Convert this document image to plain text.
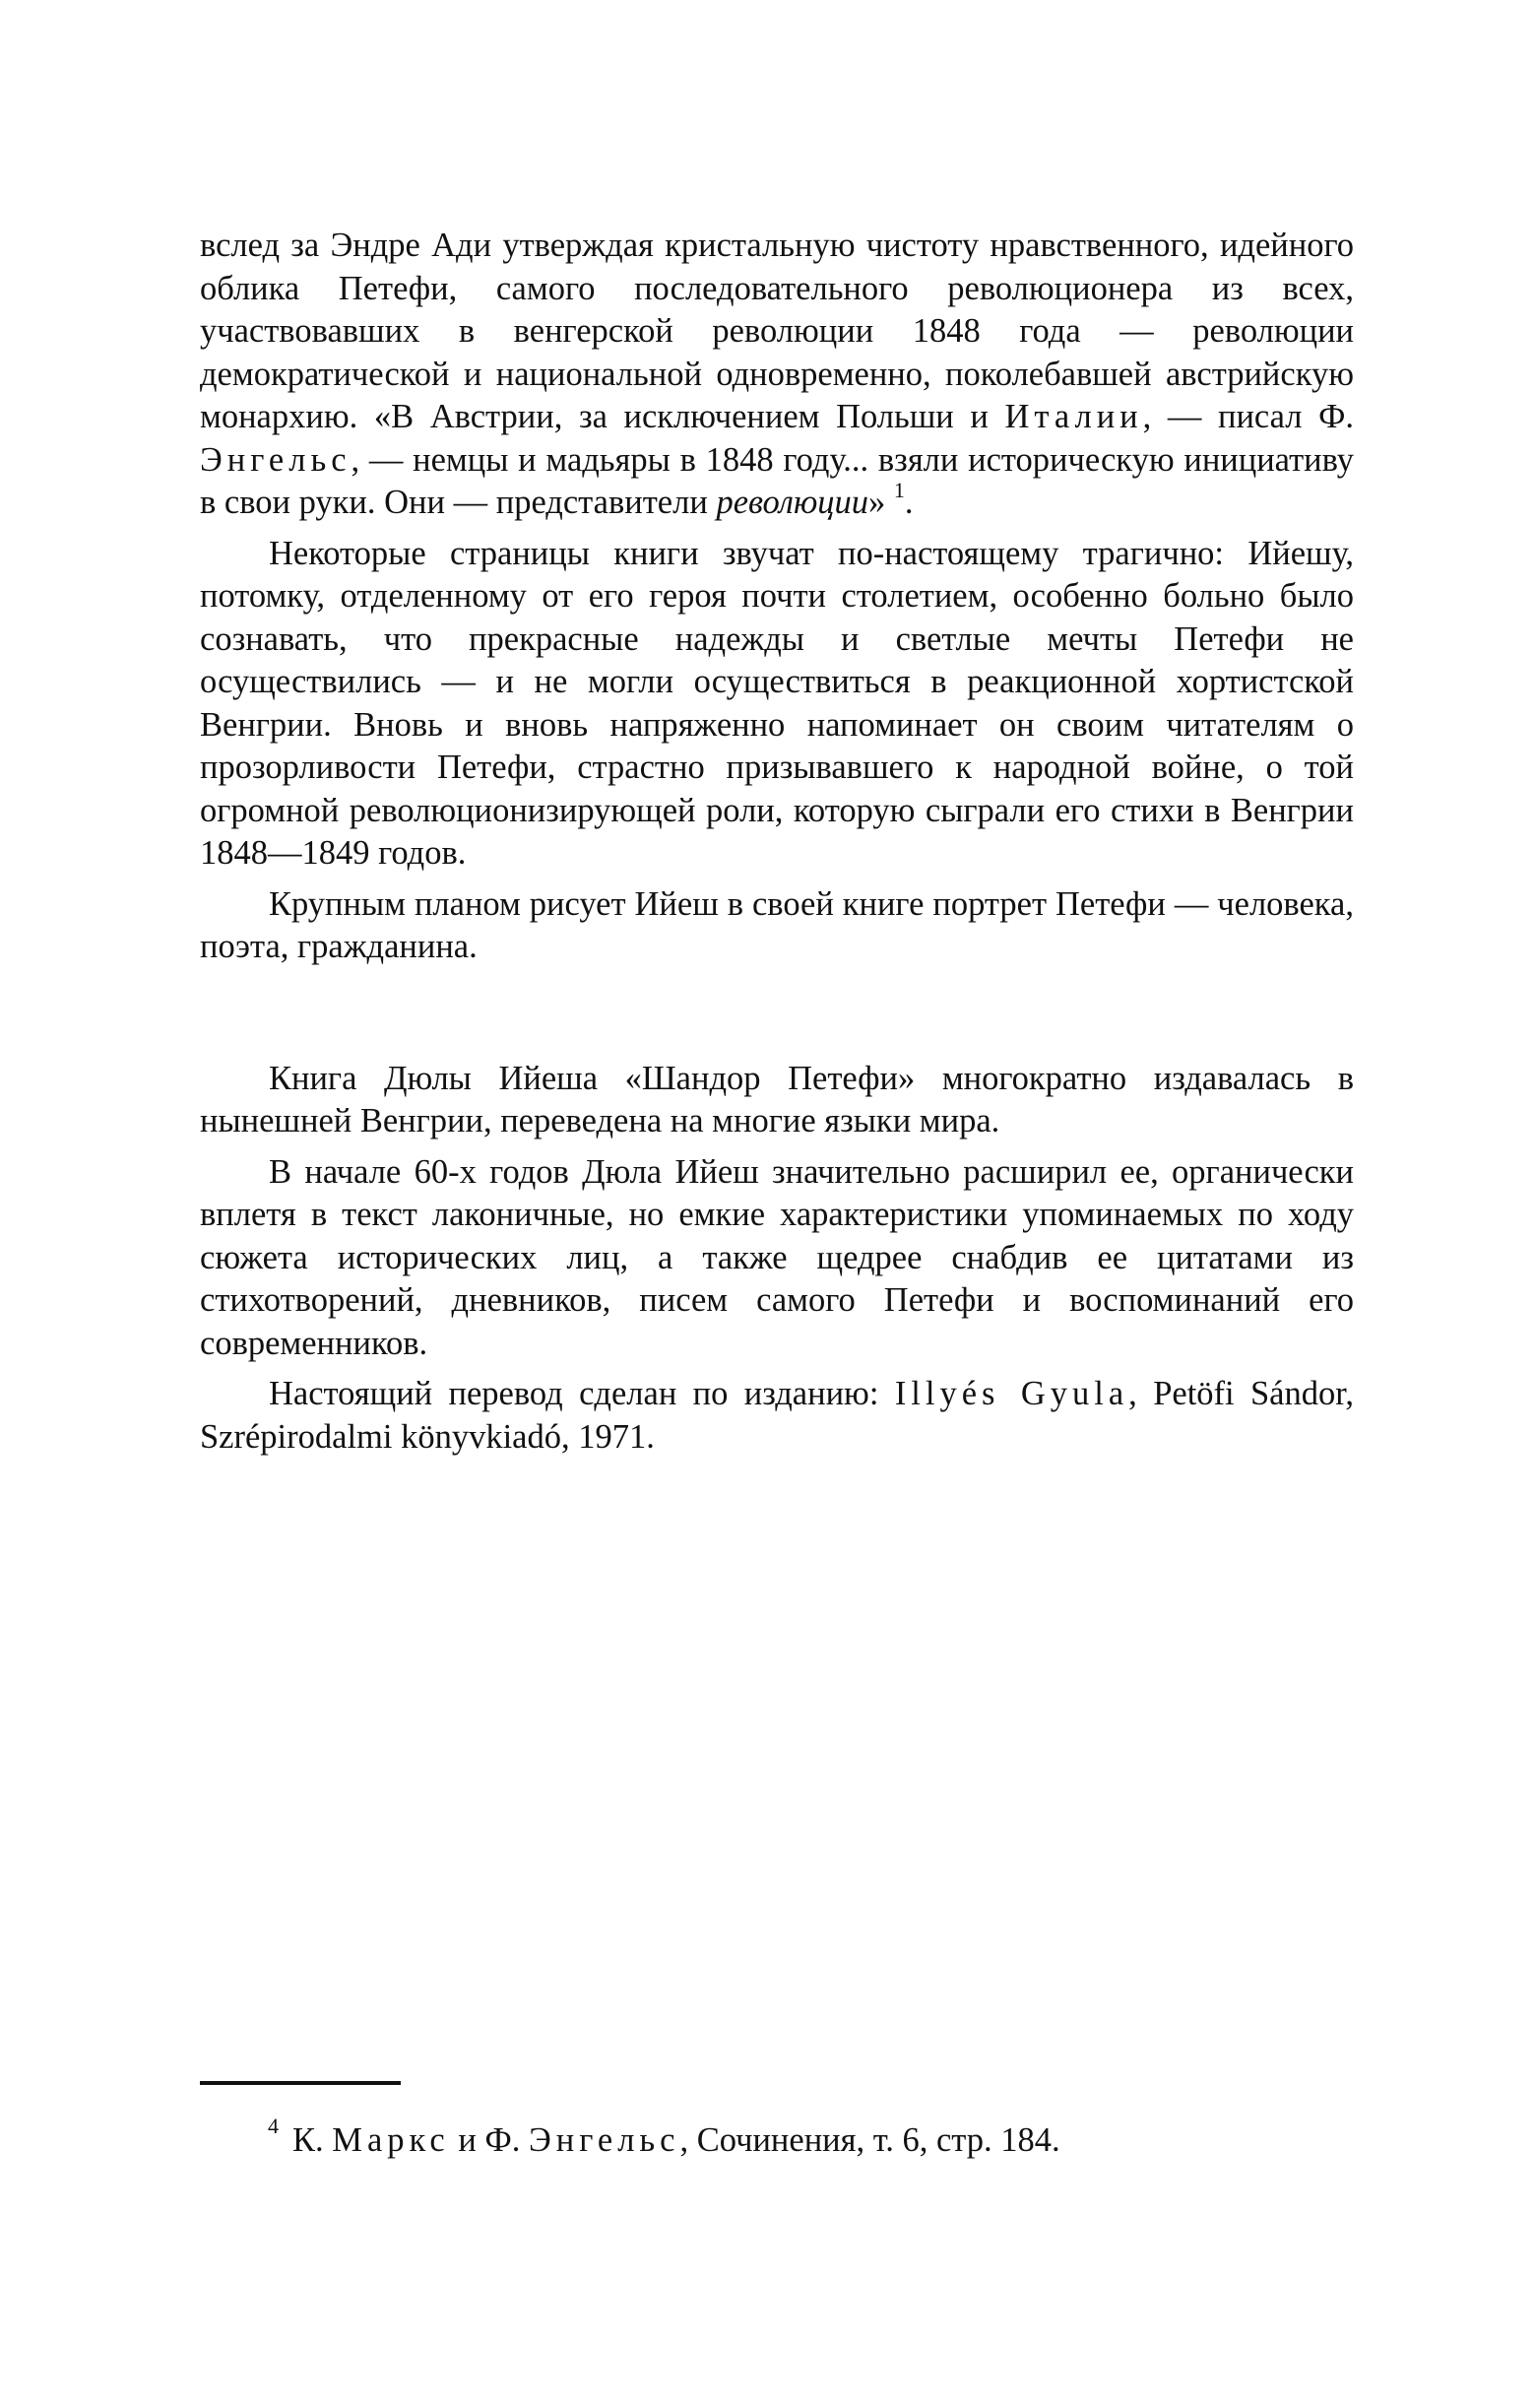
вслед за Эндре Ади утверждая кристальную чистоту нравственного, идейного облика Петефи, самого последовательного революционера из всех, участвовавших в венгерской революции 1848 года — революции демократической и национальной одновременно, поколебавшей австрийскую монархию. «В Австрии, за исключением Польши и Италии, — писал Ф. Энгельс, — немцы и мадьяры в 1848 году... взяли историческую инициативу в свои руки. Они — представители революции» $^1$.

Некоторые страницы книги звучат по-настоящему трагично: Ийешу, потомку, отделенному от его героя почти столетием, особенно больно было сознавать, что прекрасные надежды и светлые мечты Петефи не осуществились — и не могли осуществиться в реакционной хортистской Венгрии. Вновь и вновь напряженно напоминает он своим читателям о прозорливости Петефи, страстно призывавшего к народной войне, о той огромной революционизирующей роли, которую сыграли его стихи в Венгрии 1848—1849 годов.

Крупным планом рисует Ийеш в своей книге портрет Петефи — человека, поэта, гражданина.

Книга Дюлы Ийеша «Шандор Петефи» многократно издавалась в нынешней Венгрии, переведена на многие языки мира.

В начале 60-х годов Дюла Ийеш значительно расширил ее, органически вплетя в текст лаконичные, но емкие характеристики упоминаемых по ходу сюжета исторических лиц, а также щедрее снабдив ее цитатами из стихотворений, дневников, писем самого Петефи и воспоминаний его современников.

Настоящий перевод сделан по изданию: Illyés Gyula, Petöfi Sándor, Szrépirodalmi könyvkiadó, 1971.

$^4$ К. Маркс и Ф. Энгельс, Сочинения, т. 6, стр. 184.
